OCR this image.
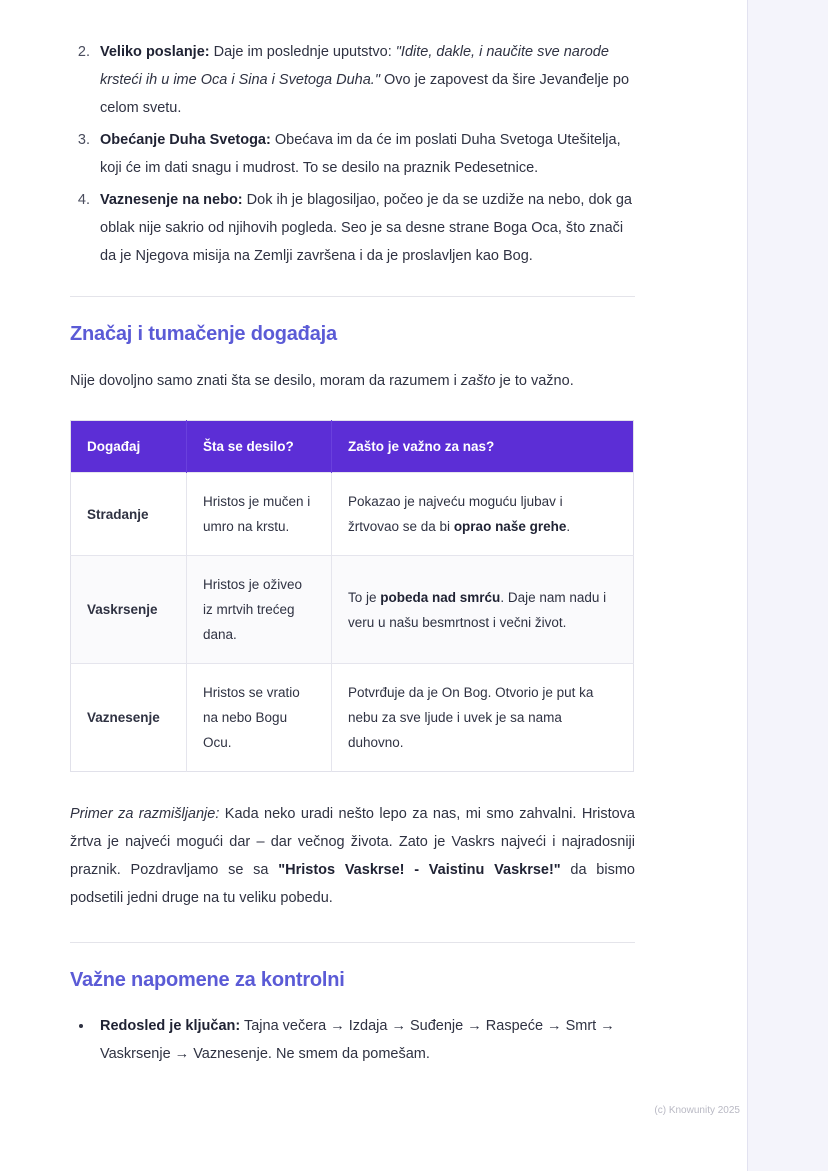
2. Veliko poslanje: Daje im poslednje uputstvo: "Idite, dakle, i naučite sve narode krsteći ih u ime Oca i Sina i Svetoga Duha." Ovo je zapovest da šire Jevanđelje po celom svetu.
3. Obećanje Duha Svetoga: Obećava im da će im poslati Duha Svetoga Utešitelja, koji će im dati snagu i mudrost. To se desilo na praznik Pedesetnice.
4. Vaznesenje na nebo: Dok ih je blagosiljao, počeo je da se uzdiže na nebo, dok ga oblak nije sakrio od njihovih pogleda. Seo je sa desne strane Boga Oca, što znači da je Njegova misija na Zemlji završena i da je proslavljen kao Bog.
Značaj i tumačenje događaja

Nije dovoljno samo znati šta se desilo, moram da razumem i zašto je to važno.

Događaj	Šta se desilo?	Zašto je važno za nas?
Stradanje	Hristos je mučen i umro na krstu.	Pokazao je najveću moguću ljubav i žrtvovao se da bi oprao naše grehe.
Vaskrsenje	Hristos je oživeo iz mrtvih trećeg dana.	To je pobeda nad smrću. Daje nam nadu i veru u našu besmrtnost i večni život.
Vaznesenje	Hristos se vratio na nebo Bogu Ocu.	Potvrđuje da je On Bog. Otvorio je put ka nebu za sve ljude i uvek je sa nama duhovno.

Primer za razmišljanje: Kada neko uradi nešto lepo za nas, mi smo zahvalni. Hristova žrtva je najveći mogući dar – dar večnog života. Zato je Vaskrs najveći i najradosniji praznik. Pozdravljamo se sa "Hristos Vaskrse! - Vaistinu Vaskrse!" da bismo podsetili jedni druge na tu veliku pobedu.

Važne napomene za kontrolni
• Redosled je ključan: Tajna večera → Izdaja → Suđenje → Raspeće → Smrt → Vaskrsenje → Vaznesenje. Ne smem da pomešam.
(c) Knowunity 2025
